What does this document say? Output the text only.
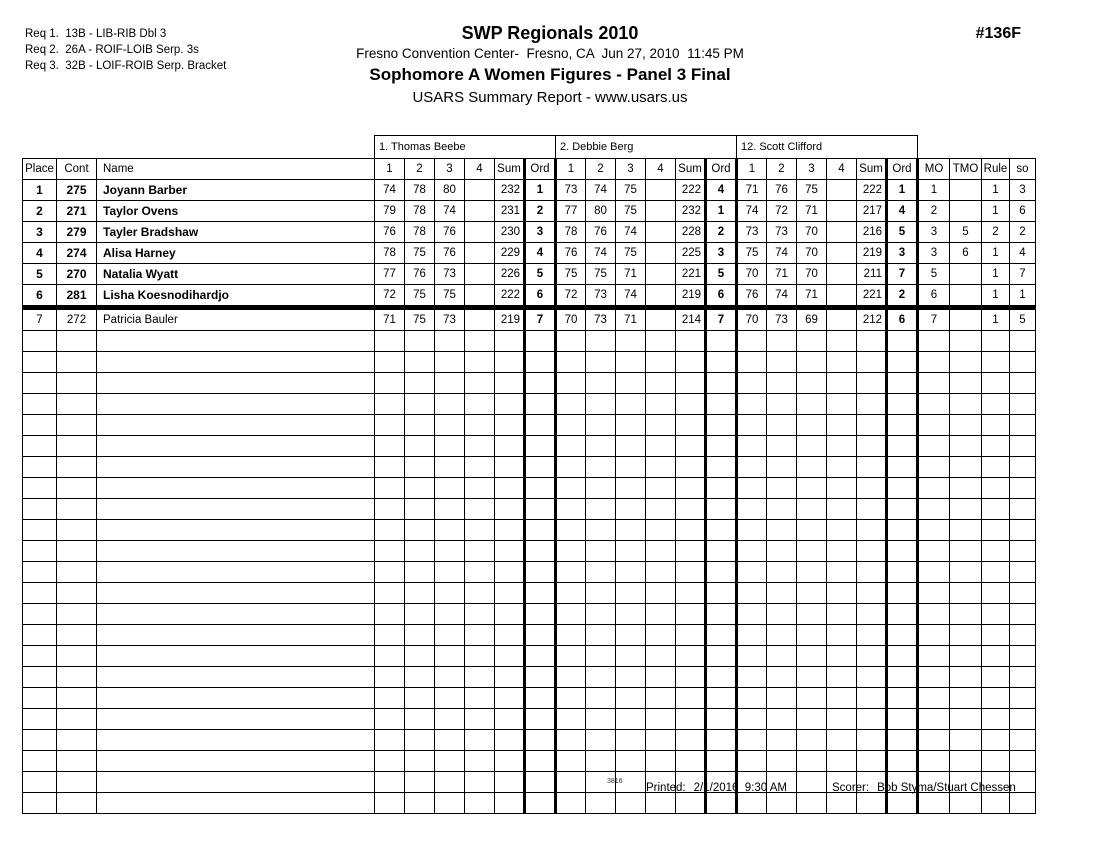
Req 1.  13B - LIB-RIB Dbl 3
Req 2.  26A - ROIF-LOIB Serp. 3s
Req 3.  32B - LOIF-ROIB Serp. Bracket
SWP Regionals 2010
Fresno Convention Center-  Fresno, CA  Jun 27, 2010  11:45 PM
Sophomore A Women Figures - Panel 3 Final
USARS Summary Report - www.usars.us
#136F
			1. Thomas Beebe						2. Debbie Berg						12. Scott Clifford									
Place	Cont	Name	1	2	3	4	Sum	Ord	1	2	3	4	Sum	Ord	1	2	3	4	Sum	Ord	MO	TMO	Rule	so
1	275	Joyann Barber	74	78	80		232	1	73	74	75		222	4	71	76	75		222	1	1		1	3
2	271	Taylor Ovens	79	78	74		231	2	77	80	75		232	1	74	72	71		217	4	2		1	6
3	279	Tayler Bradshaw	76	78	76		230	3	78	76	74		228	2	73	73	70		216	5	3	5	2	2
4	274	Alisa Harney	78	75	76		229	4	76	74	75		225	3	75	74	70		219	3	3	6	1	4
5	270	Natalia Wyatt	77	76	73		226	5	75	75	71		221	5	70	71	70		211	7	5		1	7
6	281	Lisha Koesnodihardjo	72	75	75		222	6	72	73	74		219	6	76	74	71		221	2	6		1	1
7	272	Patricia Bauler	71	75	73		219	7	70	73	71		214	7	70	73	69		212	6	7		1	5

3816
Printed: 2/1/2016  9:30 AM	Scorer: Bob Styma/Stuart Chessen
